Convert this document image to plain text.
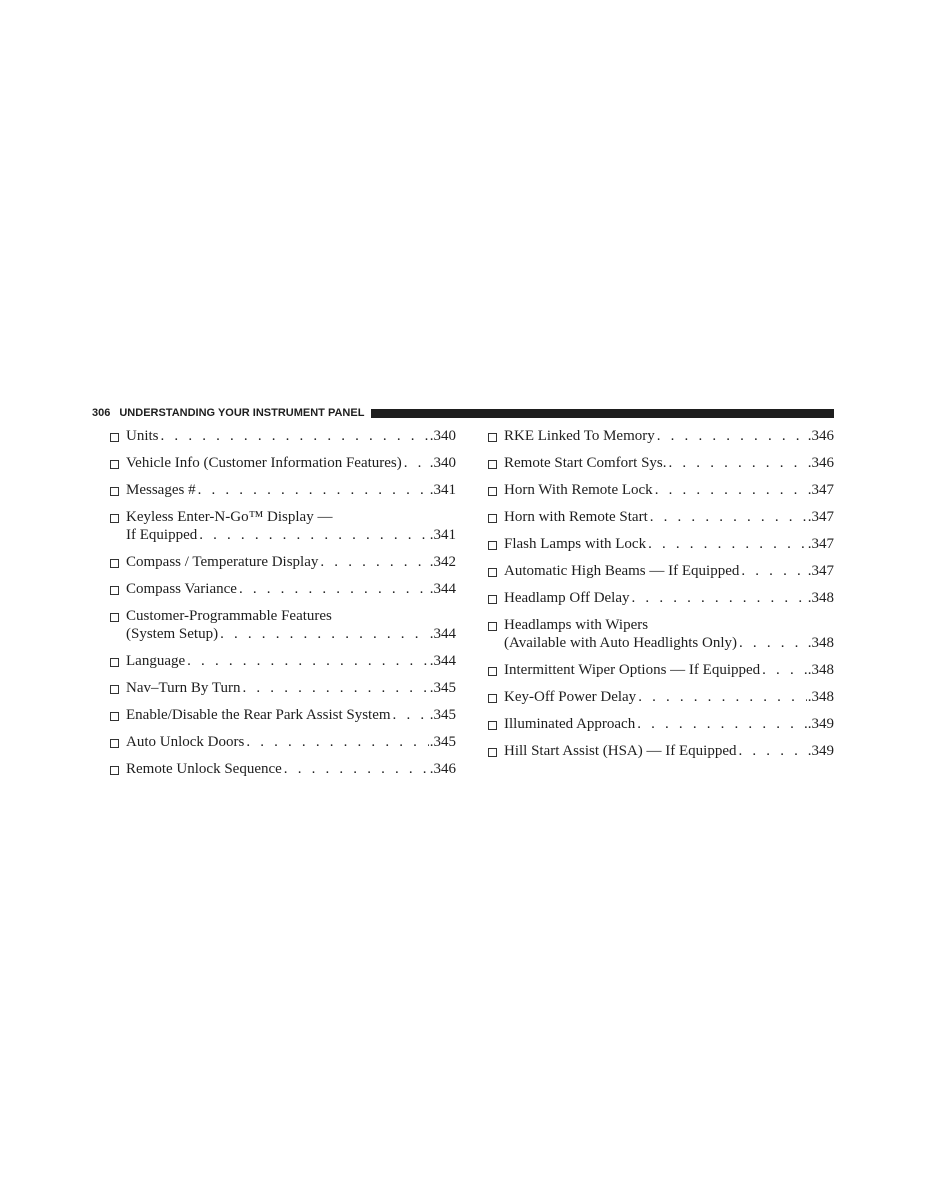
306 UNDERSTANDING YOUR INSTRUMENT PANEL
Units . . .	.340
Vehicle Info (Customer Information Features) . . . .340
Messages # . . .	.341
Keyless Enter-N-Go™ Display —
If Equipped . . .	.341
Compass / Temperature Display . . .	.342
Compass Variance . . .	.344
Customer-Programmable Features
(System Setup) . . .	.344
Language . . .	.344
Nav–Turn By Turn . . .	.345
Enable/Disable the Rear Park Assist System . . .	.345
Auto Unlock Doors . . .	.345
Remote Unlock Sequence . . .	.346
RKE Linked To Memory . . .	.346
Remote Start Comfort Sys. . . .	.346
Horn With Remote Lock . . .	.347
Horn with Remote Start . . .	.347
Flash Lamps with Lock . . .	.347
Automatic High Beams — If Equipped . . .	.347
Headlamp Off Delay . . .	.348
Headlamps with Wipers
(Available with Auto Headlights Only) . . .	.348
Intermittent Wiper Options — If Equipped . . .	.348
Key-Off Power Delay . . .	.348
Illuminated Approach . . .	.349
Hill Start Assist (HSA) — If Equipped . . .	.349
